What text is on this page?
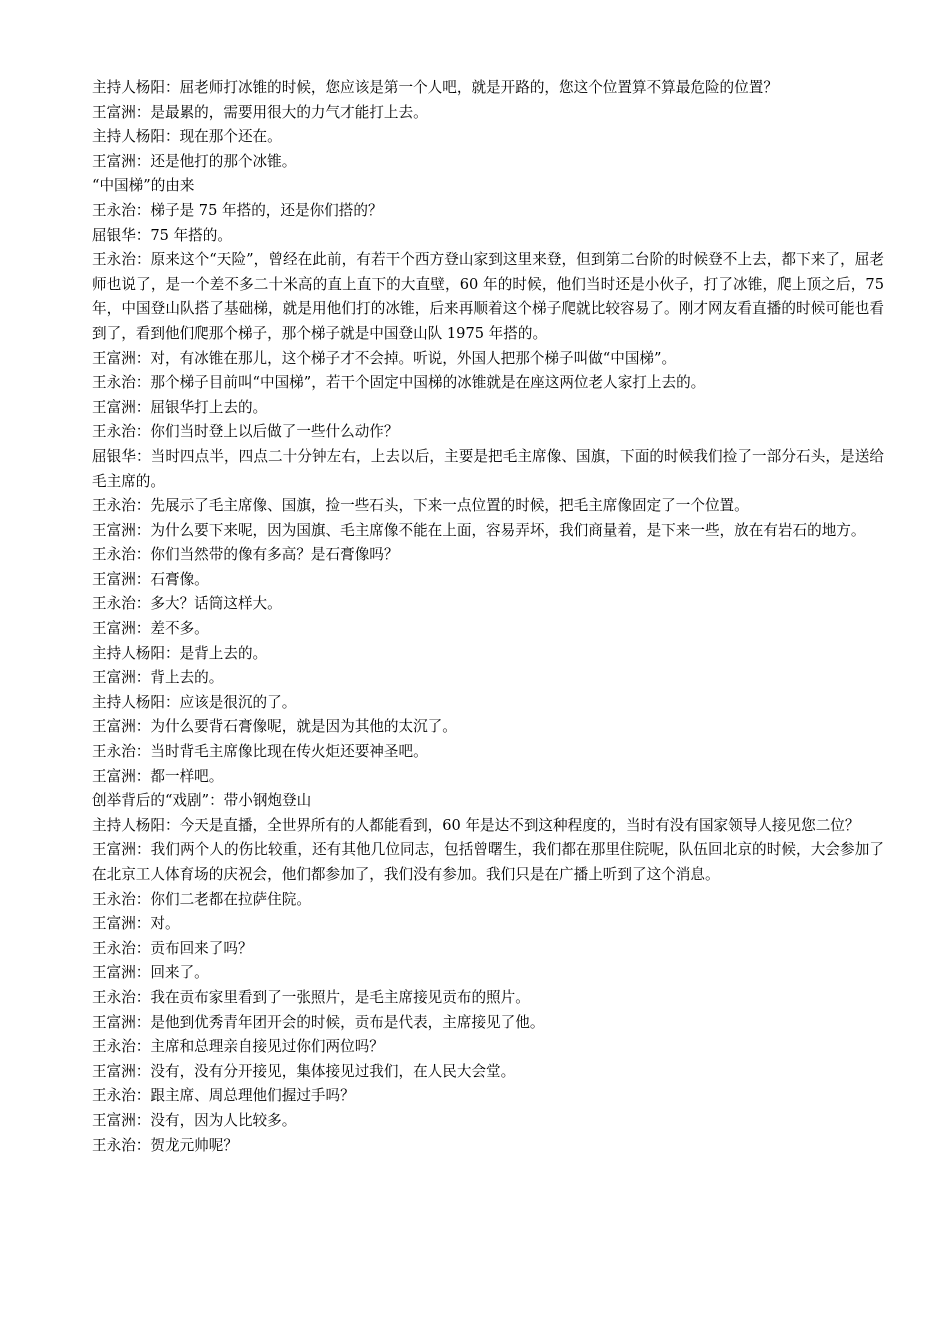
主持人杨阳：屈老师打冰锥的时候，您应该是第一个人吧，就是开路的，您这个位置算不算最危险的位置？

王富洲：是最累的，需要用很大的力气才能打上去。

主持人杨阳：现在那个还在。

王富洲：还是他打的那个冰锥。

“中国梯”的由来

王永治：梯子是 75 年搭的，还是你们搭的？

屈银华：75 年搭的。

王永治：原来这个“天险”，曾经在此前，有若干个西方登山家到这里来登，但到第二台阶的时候登不上去，都下来了，屈老师也说了，是一个差不多二十米高的直上直下的大直壁，60 年的时候，他们当时还是小伙子，打了冰锥，爬上顶之后，75 年，中国登山队搭了基础梯，就是用他们打的冰锥，后来再顺着这个梯子爬就比较容易了。刚才网友看直播的时候可能也看到了，看到他们爬那个梯子，那个梯子就是中国登山队 1975 年搭的。

王富洲：对，有冰锥在那儿，这个梯子才不会掉。听说，外国人把那个梯子叫做“中国梯”。

王永治：那个梯子目前叫“中国梯”，若干个固定中国梯的冰锥就是在座这两位老人家打上去的。

王富洲：屈银华打上去的。

王永治：你们当时登上以后做了一些什么动作？

屈银华：当时四点半，四点二十分钟左右，上去以后，主要是把毛主席像、国旗，下面的时候我们捡了一部分石头，是送给毛主席的。

王永治：先展示了毛主席像、国旗，捡一些石头，下来一点位置的时候，把毛主席像固定了一个位置。

王富洲：为什么要下来呢，因为国旗、毛主席像不能在上面，容易弄坏，我们商量着，是下来一些，放在有岩石的地方。

王永治：你们当然带的像有多高？是石膏像吗？

王富洲：石膏像。

王永治：多大？话筒这样大。

王富洲：差不多。

主持人杨阳：是背上去的。

王富洲：背上去的。

主持人杨阳：应该是很沉的了。

王富洲：为什么要背石膏像呢，就是因为其他的太沉了。

王永治：当时背毛主席像比现在传火炬还要神圣吧。

王富洲：都一样吧。

创举背后的“戏剧”：带小钢炮登山

主持人杨阳：今天是直播，全世界所有的人都能看到，60 年是达不到这种程度的，当时有没有国家领导人接见您二位？

王富洲：我们两个人的伤比较重，还有其他几位同志，包括曾曙生，我们都在那里住院呢，队伍回北京的时候，大会参加了在北京工人体育场的庆祝会，他们都参加了，我们没有参加。我们只是在广播上听到了这个消息。

王永治：你们二老都在拉萨住院。

王富洲：对。

王永治：贡布回来了吗？

王富洲：回来了。

王永治：我在贡布家里看到了一张照片，是毛主席接见贡布的照片。

王富洲：是他到优秀青年团开会的时候，贡布是代表，主席接见了他。

王永治：主席和总理亲自接见过你们两位吗？

王富洲：没有，没有分开接见，集体接见过我们，在人民大会堂。

王永治：跟主席、周总理他们握过手吗？

王富洲：没有，因为人比较多。

王永治：贺龙元帅呢？
